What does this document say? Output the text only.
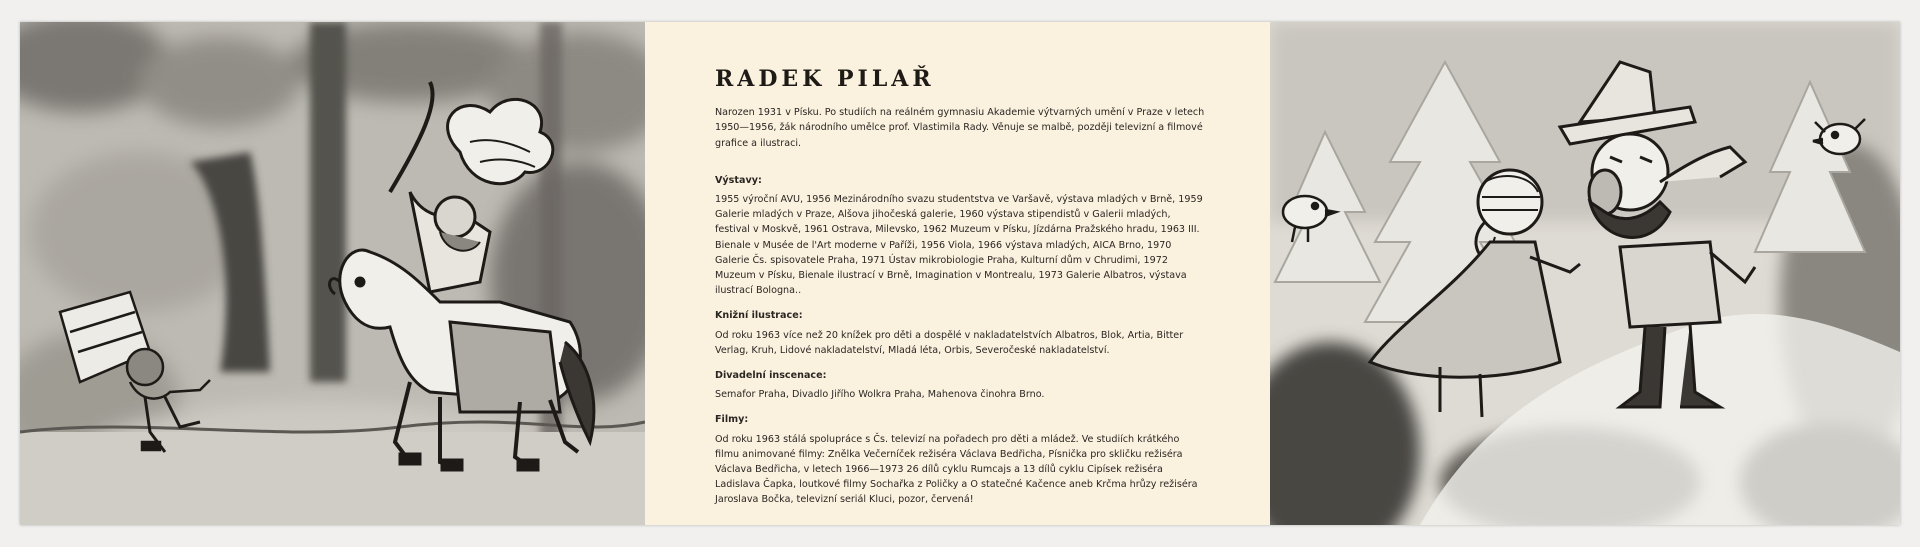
RADEK PILAŘ

Narozen 1931 v Písku. Po studiích na reálném gymnasiu Akademie výtvarných umění v Praze v letech 1950—1956, žák národního umělce prof. Vlastimila Rady. Věnuje se malbě, později televizní a filmové grafice a ilustraci.

Výstavy:

1955 výroční AVU, 1956 Mezinárodního svazu studentstva ve Varšavě, výstava mladých v Brně, 1959 Galerie mladých v Praze, Alšova jihočeská galerie, 1960 výstava stipendistů v Galerii mladých, festival v Moskvě, 1961 Ostrava, Milevsko, 1962 Muzeum v Písku, Jízdárna Pražského hradu, 1963 III. Bienale v Musée de l'Art moderne v Paříži, 1956 Viola, 1966 výstava mladých, AICA Brno, 1970 Galerie Čs. spisovatele Praha, 1971 Ústav mikrobiologie Praha, Kulturní dům v Chrudimi, 1972 Muzeum v Písku, Bienale ilustrací v Brně, Imagination v Montrealu, 1973 Galerie Albatros, výstava ilustrací Bologna..

Knižní ilustrace:

Od roku 1963 více než 20 knížek pro děti a dospělé v nakladatelstvích Albatros, Blok, Artia, Bitter Verlag, Kruh, Lidové nakladatelství, Mladá léta, Orbis, Severočeské nakladatelství.

Divadelní inscenace:

Semafor Praha, Divadlo Jiřího Wolkra Praha, Mahenova činohra Brno.

Filmy:

Od roku 1963 stálá spolupráce s Čs. televizí na pořadech pro děti a mládež. Ve studiích krátkého filmu animované filmy: Znělka Večerníček režiséra Václava Bedřicha, Písnička pro skličku režiséra Václava Bedřicha, v letech 1966—1973 26 dílů cyklu Rumcajs a 13 dílů cyklu Cipísek režiséra Ladislava Čapka, loutkové filmy Sochařka z Poličky a O statečné Kačence aneb Krčma hrůzy režiséra Jaroslava Bočka, televizní seriál Kluci, pozor, červená!
